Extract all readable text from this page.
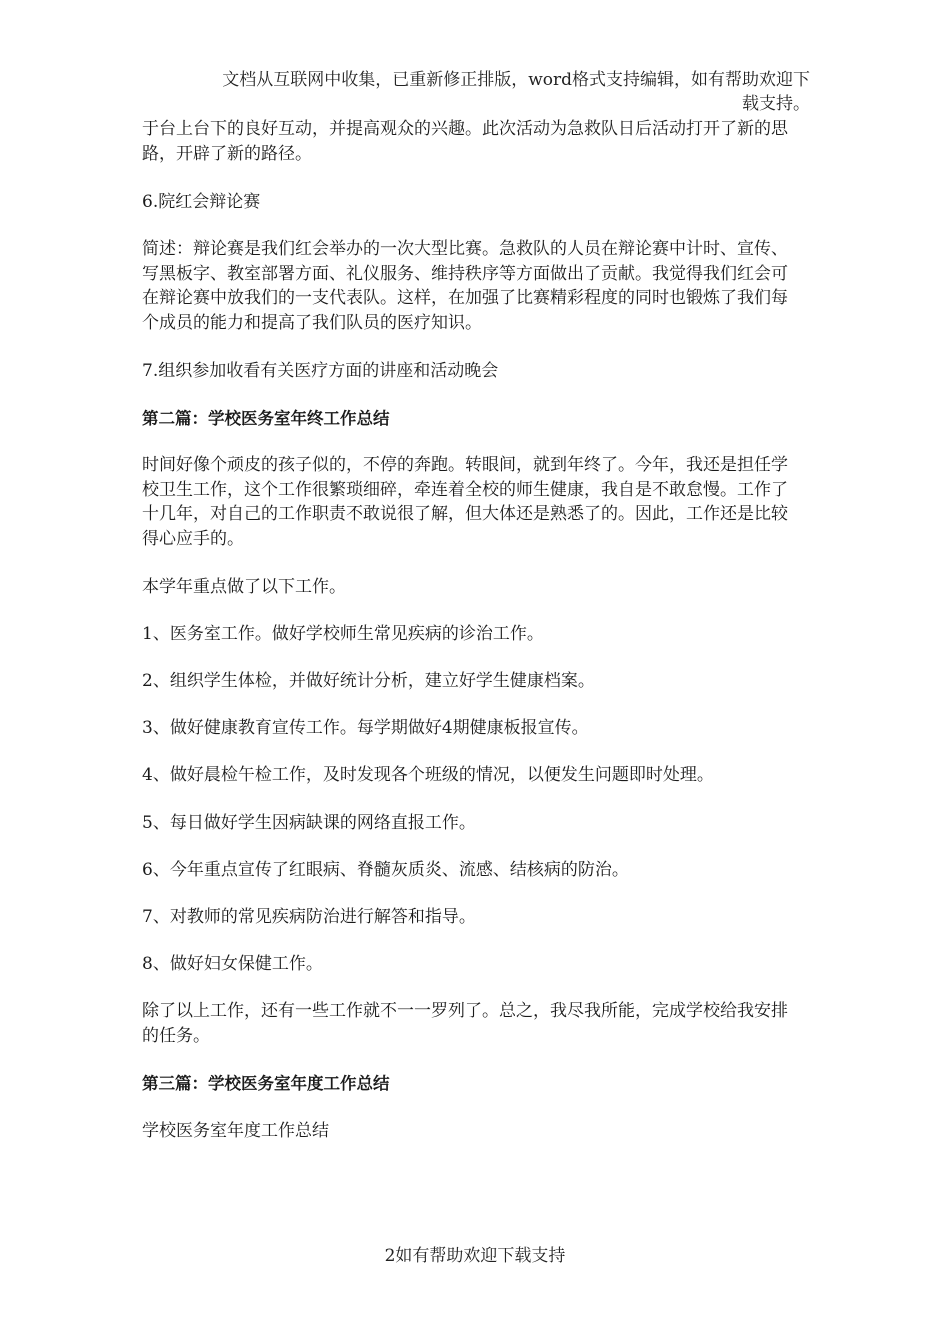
文档从互联网中收集，已重新修正排版，word格式支持编辑，如有帮助欢迎下
载支持。
于台上台下的良好互动，并提高观众的兴趣。此次活动为急救队日后活动打开了新的思路，开辟了新的路径。
6.院红会辩论赛
简述：辩论赛是我们红会举办的一次大型比赛。急救队的人员在辩论赛中计时、宣传、写黑板字、教室部署方面、礼仪服务、维持秩序等方面做出了贡献。我觉得我们红会可在辩论赛中放我们的一支代表队。这样，在加强了比赛精彩程度的同时也锻炼了我们每个成员的能力和提高了我们队员的医疗知识。
7.组织参加收看有关医疗方面的讲座和活动晚会
第二篇：学校医务室年终工作总结
时间好像个顽皮的孩子似的，不停的奔跑。转眼间，就到年终了。今年，我还是担任学校卫生工作，这个工作很繁琐细碎，牵连着全校的师生健康，我自是不敢怠慢。工作了十几年，对自己的工作职责不敢说很了解，但大体还是熟悉了的。因此，工作还是比较得心应手的。
本学年重点做了以下工作。
1、医务室工作。做好学校师生常见疾病的诊治工作。
2、组织学生体检，并做好统计分析，建立好学生健康档案。
3、做好健康教育宣传工作。每学期做好4期健康板报宣传。
4、做好晨检午检工作，及时发现各个班级的情况，以便发生问题即时处理。
5、每日做好学生因病缺课的网络直报工作。
6、今年重点宣传了红眼病、脊髓灰质炎、流感、结核病的防治。
7、对教师的常见疾病防治进行解答和指导。
8、做好妇女保健工作。
除了以上工作，还有一些工作就不一一罗列了。总之，我尽我所能，完成学校给我安排的任务。
第三篇：学校医务室年度工作总结
学校医务室年度工作总结
2如有帮助欢迎下载支持
